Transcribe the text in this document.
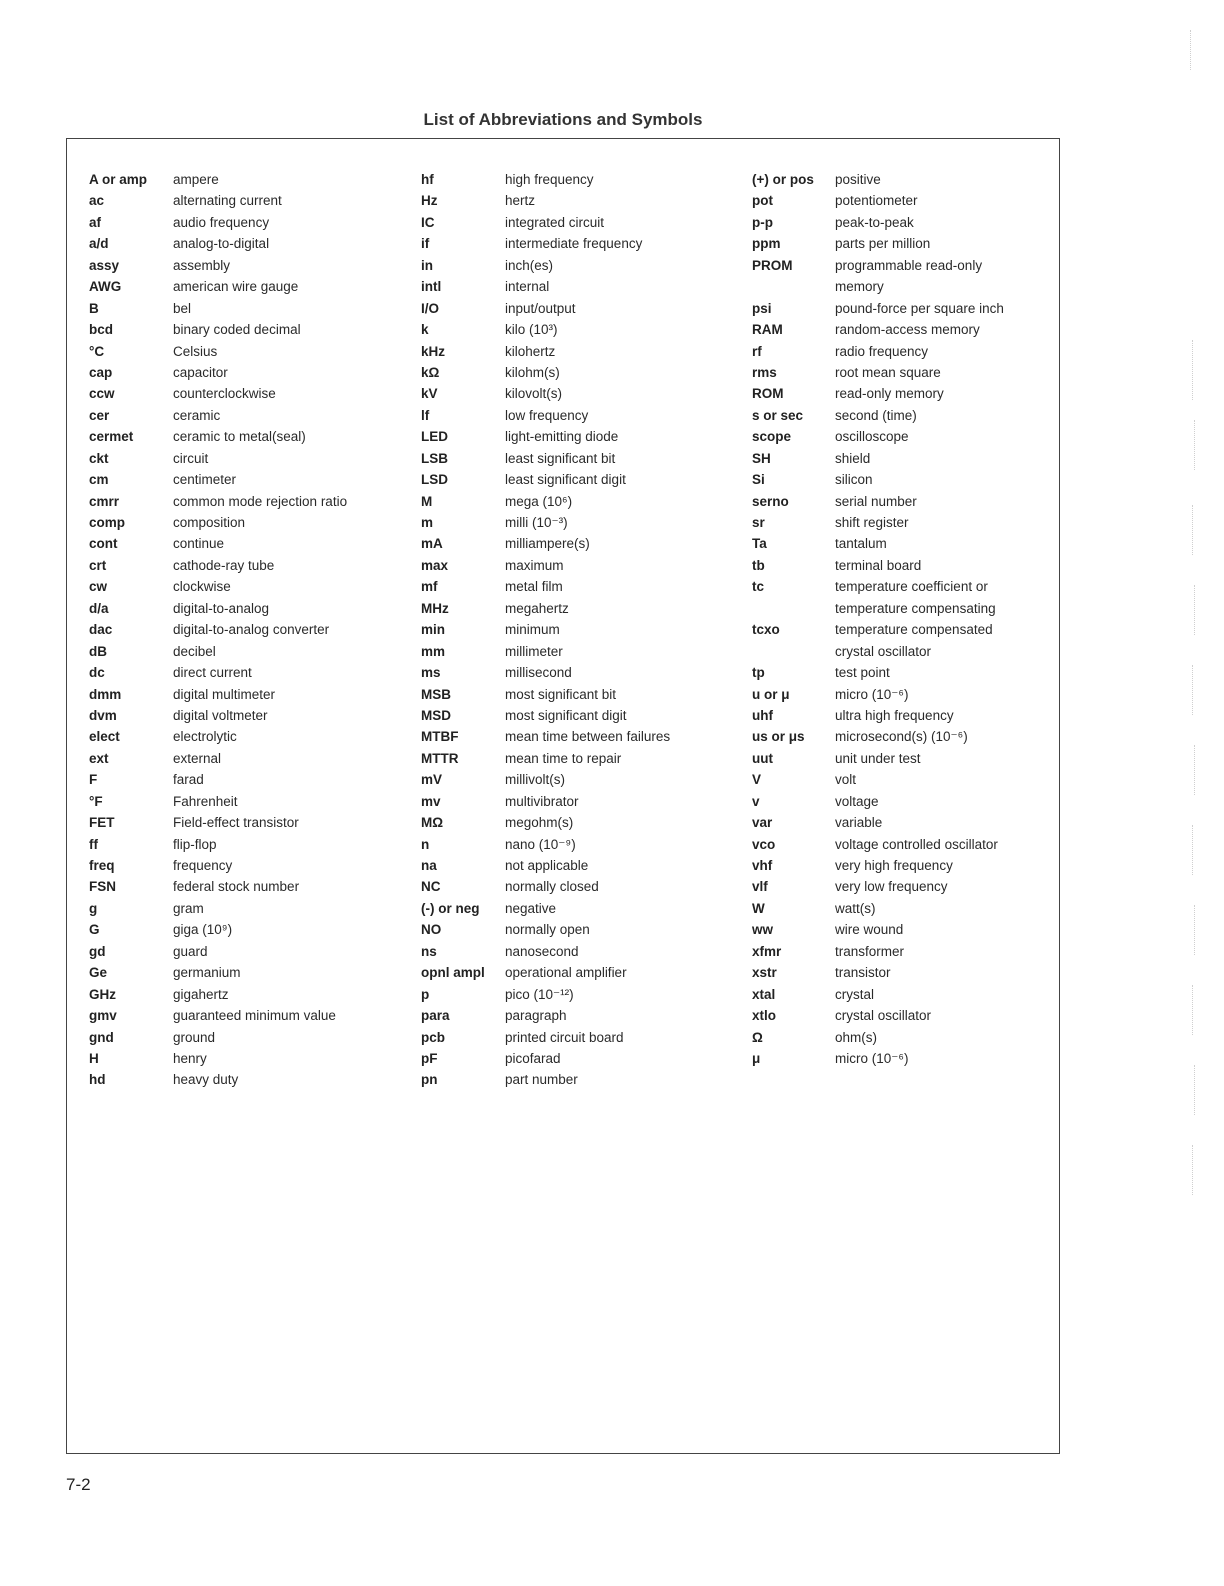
List of Abbreviations and Symbols
A or amp	ampere
ac	alternating current
af	audio frequency
a/d	analog-to-digital
assy	assembly
AWG	american wire gauge
B	bel
bcd	binary coded decimal
°C	Celsius
cap	capacitor
ccw	counterclockwise
cer	ceramic
cermet	ceramic to metal(seal)
ckt	circuit
cm	centimeter
cmrr	common mode rejection ratio
comp	composition
cont	continue
crt	cathode-ray tube
cw	clockwise
d/a	digital-to-analog
dac	digital-to-analog converter
dB	decibel
dc	direct current
dmm	digital multimeter
dvm	digital voltmeter
elect	electrolytic
ext	external
F	farad
°F	Fahrenheit
FET	Field-effect transistor
ff	flip-flop
freq	frequency
FSN	federal stock number
g	gram
G	giga (10⁹)
gd	guard
Ge	germanium
GHz	gigahertz
gmv	guaranteed minimum value
gnd	ground
H	henry
hd	heavy duty
hf	high frequency
Hz	hertz
IC	integrated circuit
if	intermediate frequency
in	inch(es)
intl	internal
I/O	input/output
k	kilo (10³)
kHz	kilohertz
kΩ	kilohm(s)
kV	kilovolt(s)
lf	low frequency
LED	light-emitting diode
LSB	least significant bit
LSD	least significant digit
M	mega (10⁶)
m	milli (10⁻³)
mA	milliampere(s)
max	maximum
mf	metal film
MHz	megahertz
min	minimum
mm	millimeter
ms	millisecond
MSB	most significant bit
MSD	most significant digit
MTBF	mean time between failures
MTTR	mean time to repair
mV	millivolt(s)
mv	multivibrator
MΩ	megohm(s)
n	nano (10⁻⁹)
na	not applicable
NC	normally closed
(-) or neg	negative
NO	normally open
ns	nanosecond
opnl ampl	operational amplifier
p	pico (10⁻¹²)
para	paragraph
pcb	printed circuit board
pF	picofarad
pn	part number
(+) or pos	positive
pot	potentiometer
p-p	peak-to-peak
ppm	parts per million
PROM	programmable read-only
memory
psi	pound-force per square inch
RAM	random-access memory
rf	radio frequency
rms	root mean square
ROM	read-only memory
s or sec	second (time)
scope	oscilloscope
SH	shield
Si	silicon
serno	serial number
sr	shift register
Ta	tantalum
tb	terminal board
tc	temperature coefficient or
temperature compensating
tcxo	temperature compensated
crystal oscillator
tp	test point
u or μ	micro (10⁻⁶)
uhf	ultra high frequency
us or μs	microsecond(s) (10⁻⁶)
uut	unit under test
V	volt
v	voltage
var	variable
vco	voltage controlled oscillator
vhf	very high frequency
vlf	very low frequency
W	watt(s)
ww	wire wound
xfmr	transformer
xstr	transistor
xtal	crystal
xtlo	crystal oscillator
Ω	ohm(s)
μ	micro (10⁻⁶)
7-2
